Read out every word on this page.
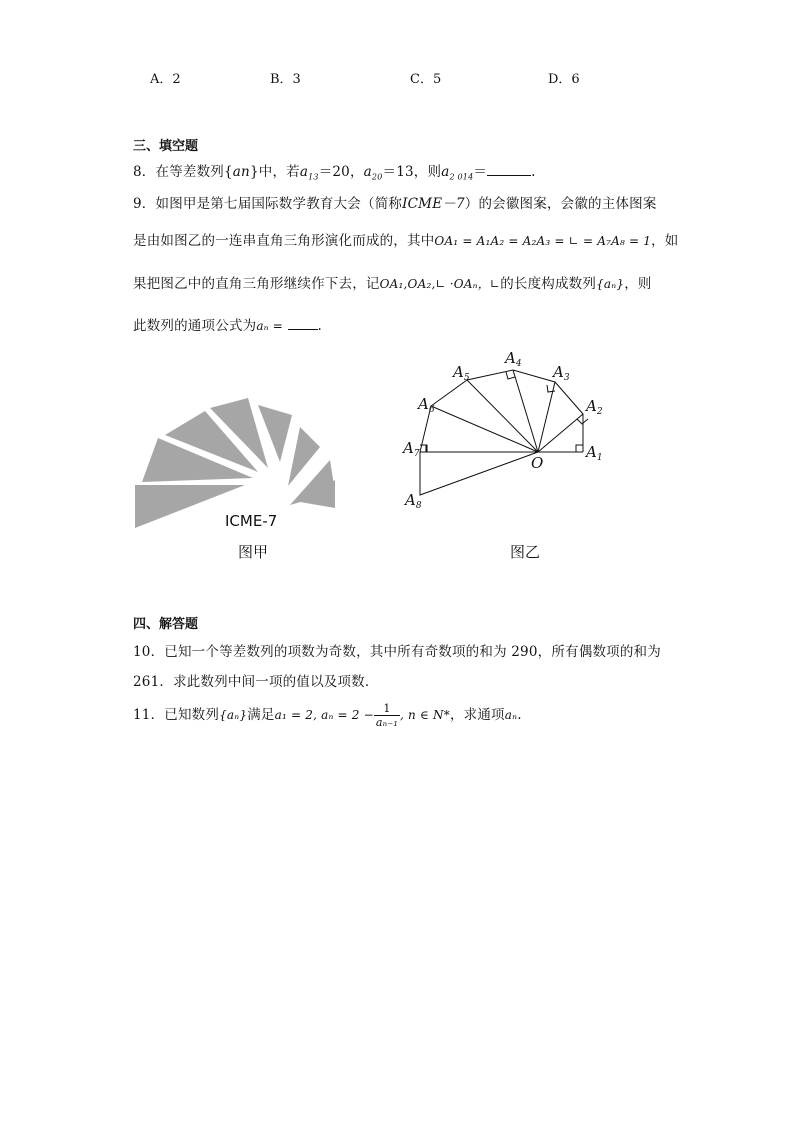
A．2	B．3	C．5	D．6
三、填空题
8．在等差数列{an}中，若$a_{13}=20$，$a_{20}=13$，则$a_{2 014}=$	.
9．如图甲是第七届国际数学教育大会（简称ICME－7）的会徽图案，会徽的主体图案
是由如图乙的一连串直角三角形演化而成的，其中OA₁ = A₁A₂ = A₂A₃ = ∟ = A₇A₈ = 1，如
果把图乙中的直角三角形继续作下去，记OA₁,OA₂,∟ ·OAₙ，∟的长度构成数列{aₙ}，则
此数列的通项公式为aₙ =	.
ICME-7
图甲
O
$A_1$
$A_2$
$A_3$
$A_4$
$A_5$
$A_6$
$A_7$
$A_8$
图乙
四、解答题
10．已知一个等差数列的项数为奇数，其中所有奇数项的和为 290，所有偶数项的和为
261．求此数列中间一项的值以及项数．
11．已知数列{aₙ}满足a₁ = 2, $a_n = 2 - \frac{1}{\text{aₙ₋₁}}$ , n ∈ N*，求通项aₙ.
